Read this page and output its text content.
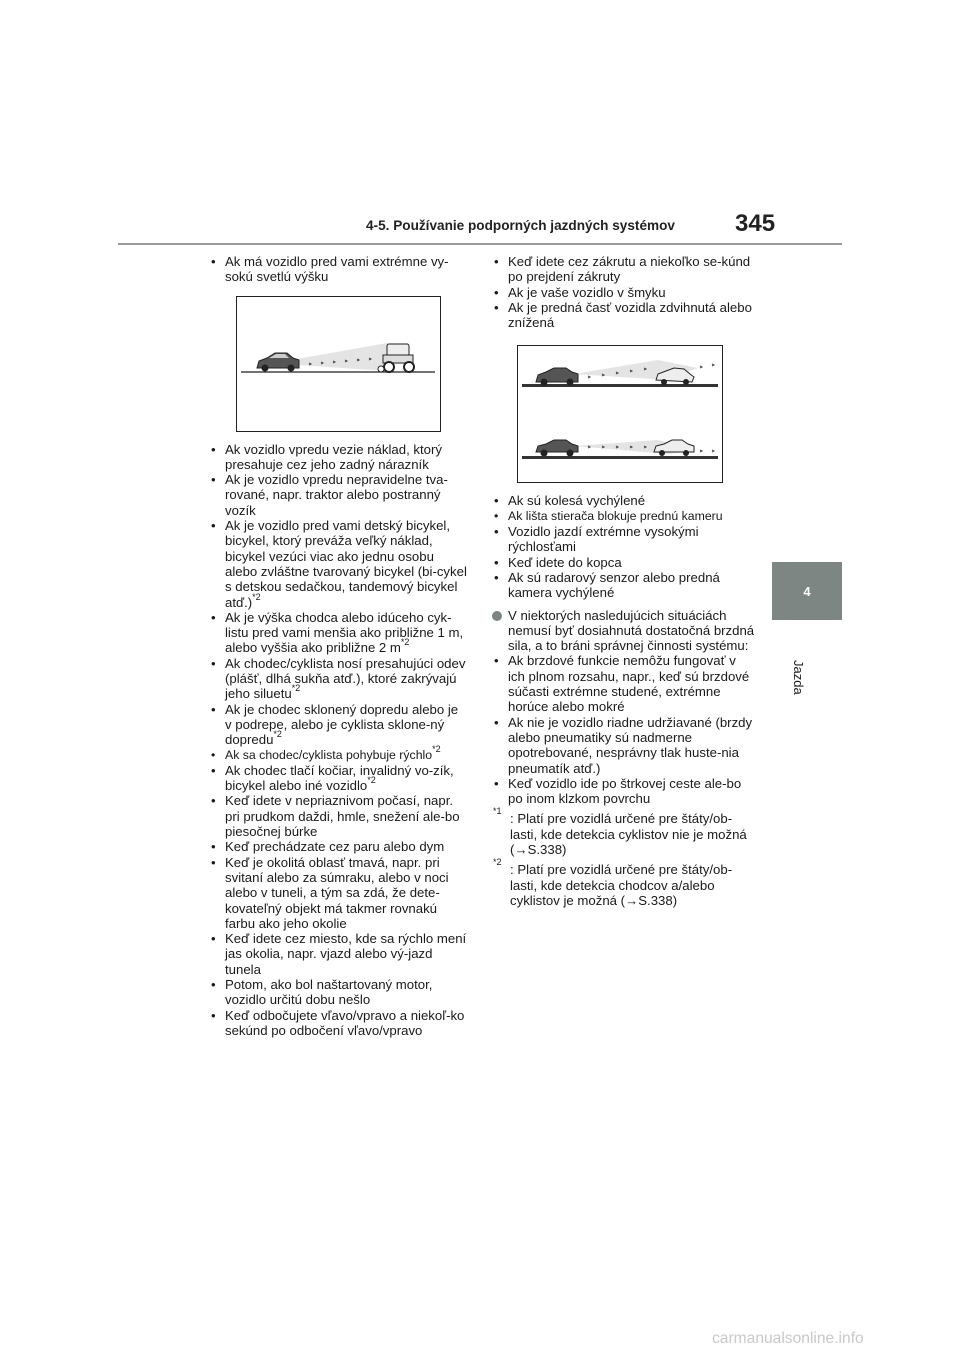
4-5. Používanie podporných jazdných systémov	345
4
Jazda
• Ak má vozidlo pred vami extrémne vy-sokú svetlú výšku
• Ak vozidlo vpredu vezie náklad, ktorý presahuje cez jeho zadný nárazník
• Ak je vozidlo vpredu nepravidelne tva-rované, napr. traktor alebo postranný vozík
• Ak je vozidlo pred vami detský bicykel, bicykel, ktorý preváža veľký náklad, bicykel vezúci viac ako jednu osobu alebo zvláštne tvarovaný bicykel (bi-cykel s detskou sedačkou, tandemový bicykel atď.)$^{*2}$
• Ak je výška chodca alebo idúceho cyk-listu pred vami menšia ako približne 1 m, alebo vyššia ako približne 2 $m^{*2}$
• Ak chodec/cyklista nosí presahujúci odev (plášť, dlhá sukňa atď.), ktoré zakrývajú jeho siluetu$^{*2}$
• Ak je chodec sklonený dopredu alebo je v podrepe, alebo je cyklista sklone-ný dopredu$^{*2}$
• Ak sa chodec/cyklista pohybuje rýchlo$^{*2}$
• Ak chodec tlačí kočiar, invalidný vo-zík, bicykel alebo iné vozidlo$^{*2}$
• Keď idete v nepriaznivom počasí, napr. pri prudkom daždi, hmle, snežení ale-bo piesočnej búrke
• Keď prechádzate cez paru alebo dym
• Keď je okolitá oblasť tmavá, napr. pri svitaní alebo za súmraku, alebo v noci alebo v tuneli, a tým sa zdá, že dete-kovateľný objekt má takmer rovnakú farbu ako jeho okolie
• Keď idete cez miesto, kde sa rýchlo mení jas okolia, napr. vjazd alebo vý-jazd tunela
• Potom, ako bol naštartovaný motor, vozidlo určitú dobu nešlo
• Keď odbočujete vľavo/vpravo a niekoľ-ko sekúnd po odbočení vľavo/vpravo
• Keď idete cez zákrutu a niekoľko se-kúnd po prejdení zákruty
• Ak je vaše vozidlo v šmyku
• Ak je predná časť vozidla zdvihnutá alebo znížená
• Ak sú kolesá vychýlené
• Ak lišta stierača blokuje prednú kameru
• Vozidlo jazdí extrémne vysokými rýchlosťami
• Keď idete do kopca
• Ak sú radarový senzor alebo predná kamera vychýlené
V niektorých nasledujúcich situáciách nemusí byť dosiahnutá dostatočná brzdná sila, a to bráni správnej činnosti systému:
• Ak brzdové funkcie nemôžu fungovať v ich plnom rozsahu, napr., keď sú brzdové súčasti extrémne studené, extrémne horúce alebo mokré
• Ak nie je vozidlo riadne udržiavané (brzdy alebo pneumatiky sú nadmerne opotrebované, nesprávny tlak huste-nia pneumatík atď.)
• Keď vozidlo ide po štrkovej ceste ale-bo po inom klzkom povrchu
*1 : Platí pre vozidlá určené pre štáty/ob-lasti, kde detekcia cyklistov nie je možná (→S.338)
*2 : Platí pre vozidlá určené pre štáty/ob-lasti, kde detekcia chodcov a/alebo cyklistov je možná (→S.338)
carmanualsonline.info
